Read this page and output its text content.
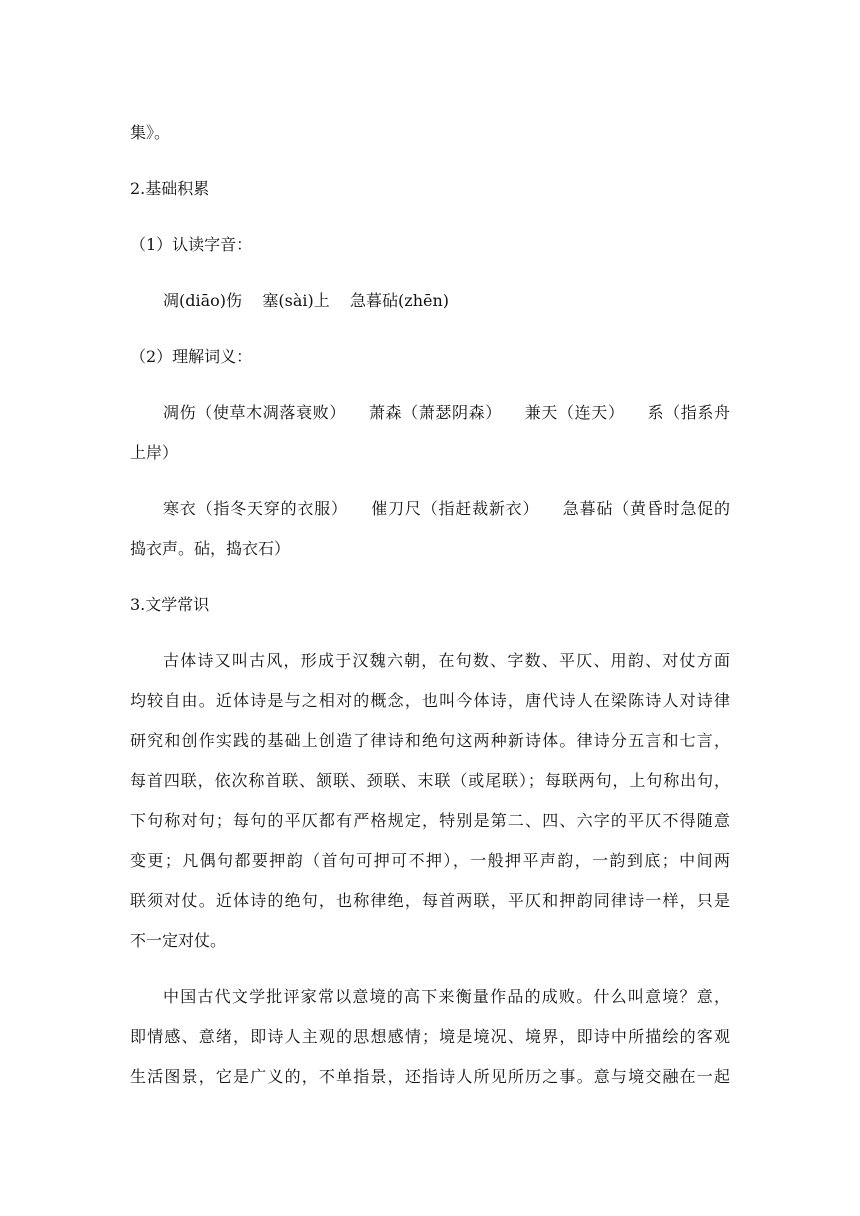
集》。
2.基础积累
（1）认读字音：
凋(diāo)伤    塞(sài)上    急暮砧(zhēn)
（2）理解词义：
凋伤（使草木凋落衰败）    萧森（萧瑟阴森）    兼天（连天）    系（指系舟
上岸）
寒衣（指冬天穿的衣服）    催刀尺（指赶裁新衣）    急暮砧（黄昏时急促的
捣衣声。砧，捣衣石）
3.文学常识
古体诗又叫古风，形成于汉魏六朝，在句数、字数、平仄、用韵、对仗方面
均较自由。近体诗是与之相对的概念，也叫今体诗，唐代诗人在梁陈诗人对诗律
研究和创作实践的基础上创造了律诗和绝句这两种新诗体。律诗分五言和七言，
每首四联，依次称首联、颔联、颈联、末联（或尾联）；每联两句，上句称出句，
下句称对句；每句的平仄都有严格规定，特别是第二、四、六字的平仄不得随意
变更；凡偶句都要押韵（首句可押可不押），一般押平声韵，一韵到底；中间两
联须对仗。近体诗的绝句，也称律绝，每首两联，平仄和押韵同律诗一样，只是
不一定对仗。
中国古代文学批评家常以意境的高下来衡量作品的成败。什么叫意境？意，
即情感、意绪，即诗人主观的思想感情；境是境况、境界，即诗中所描绘的客观
生活图景，它是广义的，不单指景，还指诗人所见所历之事。意与境交融在一起
